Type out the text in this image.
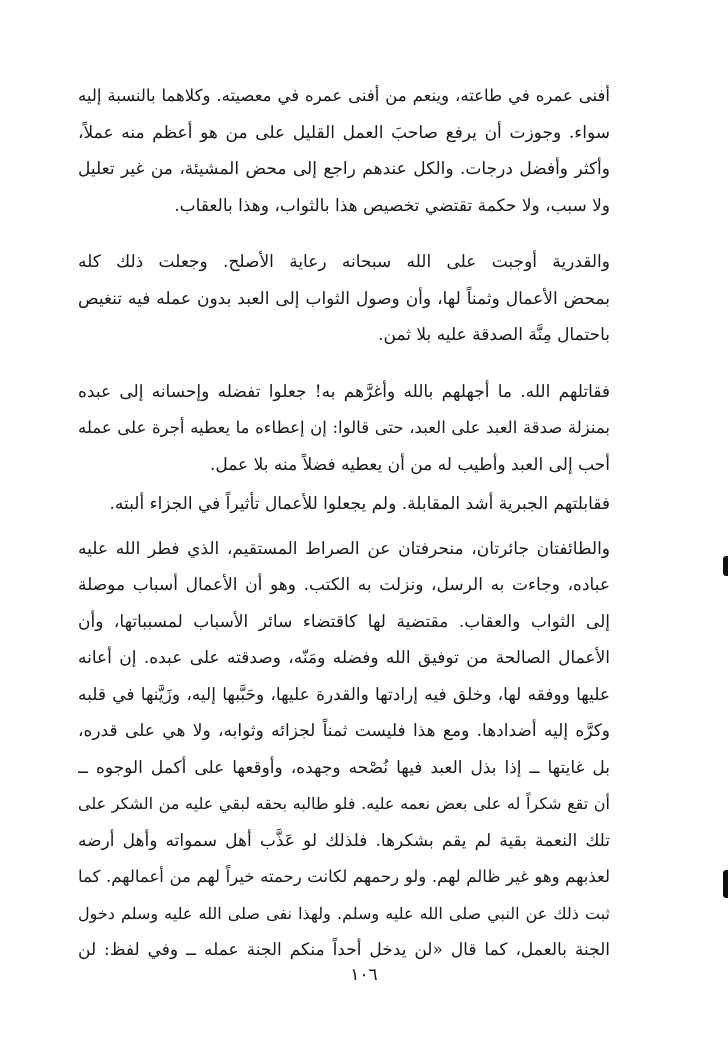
أفنى عمره في طاعته، وينعم من أفنى عمره في معصيته. وكلاهما بالنسبة إليه
سواء. وجوزت أن يرفع صاحبَ العمل القليل على من هو أعظم منه عملاً،
وأكثر وأفضل درجات. والكل عندهم راجع إلى محض المشيئة، من غير تعليل
ولا سبب، ولا حكمة تقتضي تخصيص هذا بالثواب، وهذا بالعقاب.

والقدرية أوجبت على الله سبحانه رعاية الأصلح. وجعلت ذلك كله
بمحض الأعمال وثمناً لها، وأن وصول الثواب إلى العبد بدون عمله فيه تنغيص
باحتمال مِنَّة الصدقة عليه بلا ثمن.

فقاتلهم الله. ما أجهلهم بالله وأغرَّهم به! جعلوا تفضله وإحسانه إلى عبده
بمنزلة صدقة العبد على العبد، حتى قالوا: إن إعطاءه ما يعطيه أجرة على عمله
أحب إلى العبد وأطيب له من أن يعطيه فضلاً منه بلا عمل.

فقابلتهم الجبرية أشد المقابلة. ولم يجعلوا للأعمال تأثيراً في الجزاء ألبته.

والطائفتان جائرتان، منحرفتان عن الصراط المستقيم، الذي فطر الله عليه
عباده، وجاءت به الرسل، ونزلت به الكتب. وهو أن الأعمال أسباب موصلة
إلى الثواب والعقاب. مقتضية لها كاقتضاء سائر الأسباب لمسبباتها، وأن
الأعمال الصالحة من توفيق الله وفضله ومَنّه، وصدقته على عبده. إن أعانه
عليها ووفقه لها، وخلق فيه إرادتها والقدرة عليها، وحَبَّبها إليه، وزَيَّنها في قلبه
وكرَّه إليه أضدادها. ومع هذا فليست ثمناً لجزائه وثوابه، ولا هي على قدره،
بل غايتها ــ إذا بذل العبد فيها نُصْحه وجهده، وأوقعها على أكمل الوجوه ــ
أن تقع شكراً له على بعض نعمه عليه. فلو طالبه بحقه لبقي عليه من الشكر على
تلك النعمة بقية لم يقم بشكرها. فلذلك لو عَذَّب أهل سمواته وأهل أرضه
لعذبهم وهو غير ظالم لهم. ولو رحمهم لكانت رحمته خيراً لهم من أعمالهم. كما
ثبت ذلك عن النبي صلى الله عليه وسلم. ولهذا نفى صلى الله عليه وسلم دخول
الجنة بالعمل، كما قال «لن يدخل أحداً منكم الجنة عمله ــ وفي لفظ: لن

١٠٦
